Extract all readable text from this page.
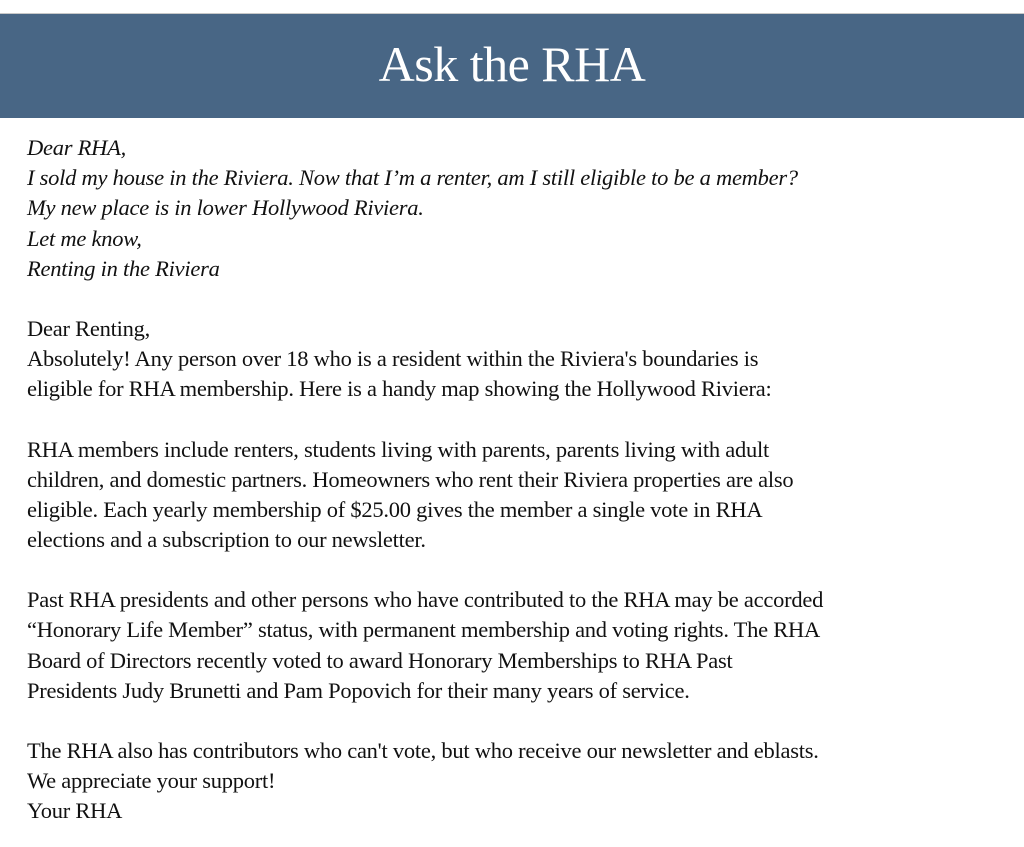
Ask the RHA
Dear RHA,
I sold my house in the Riviera. Now that I’m a renter, am I still eligible to be a member?
My new place is in lower Hollywood Riviera.
Let me know,
Renting in the Riviera
Dear Renting,
Absolutely! Any person over 18 who is a resident within the Riviera's boundaries is
eligible for RHA membership. Here is a handy map showing the Hollywood Riviera:
RHA members include renters, students living with parents, parents living with adult
children, and domestic partners. Homeowners who rent their Riviera properties are also
eligible. Each yearly membership of $25.00 gives the member a single vote in RHA
elections and a subscription to our newsletter.
Past RHA presidents and other persons who have contributed to the RHA may be accorded
“Honorary Life Member” status, with permanent membership and voting rights. The RHA
Board of Directors recently voted to award Honorary Memberships to RHA Past
Presidents Judy Brunetti and Pam Popovich for their many years of service.
The RHA also has contributors who can't vote, but who receive our newsletter and eblasts.
We appreciate your support!
Your RHA
